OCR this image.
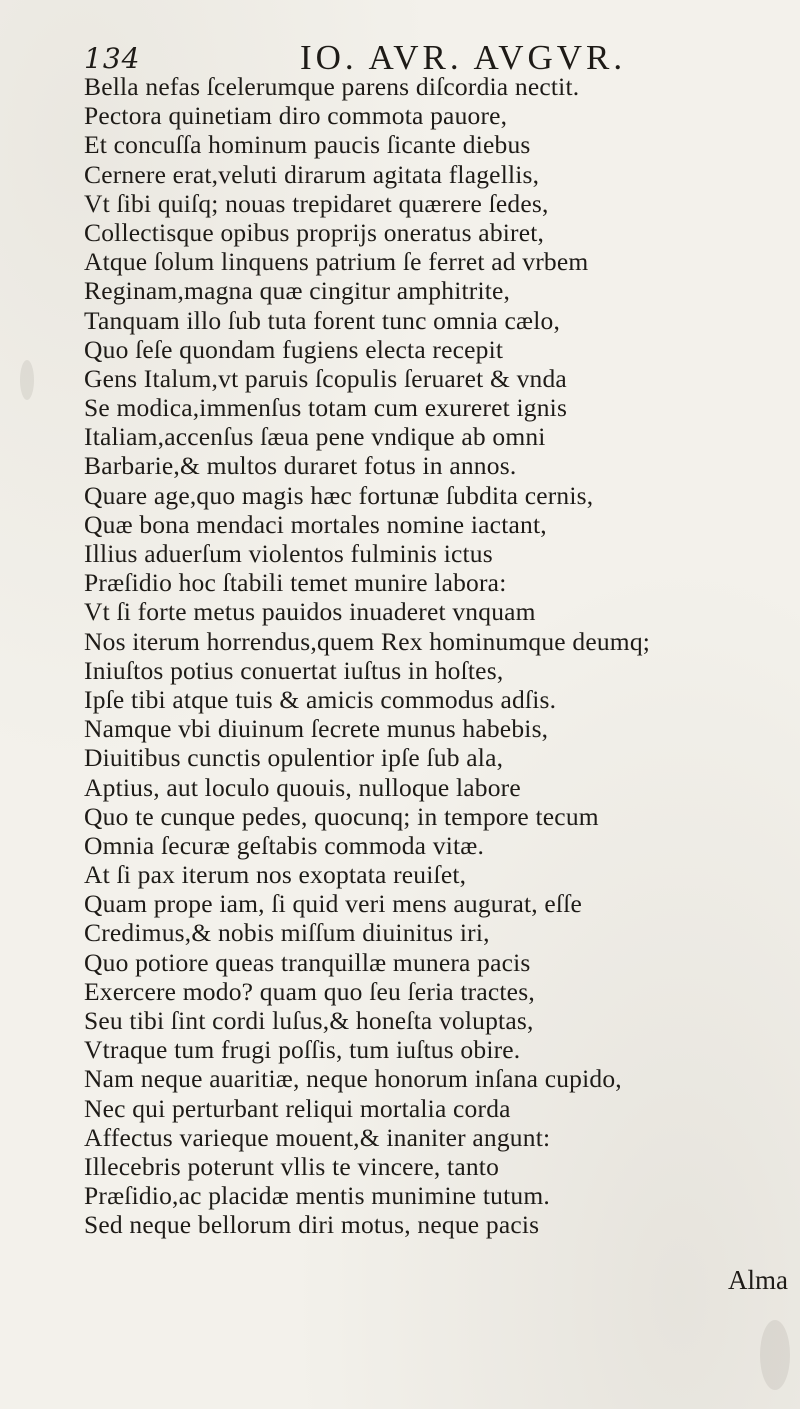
134	IO. AVR. AVGVR.
Bella nefas ſcelerumque parens diſcordia nectit.
Pectora quinetiam diro commota pauore,
Et concuſſa hominum paucis ſicante diebus
Cernere erat,veluti dirarum agitata flagellis,
Vt ſibi quiſq; nouas trepidaret quærere ſedes,
Collectisque opibus proprijs oneratus abiret,
Atque ſolum linquens patrium ſe ferret ad vrbem
Reginam,magna quæ cingitur amphitrite,
Tanquam illo ſub tuta forent tunc omnia cælo,
Quo ſeſe quondam fugiens electa recepit
Gens Italum,vt paruis ſcopulis ſeruaret & vnda
Se modica,immenſus totam cum exureret ignis
Italiam,accenſus ſæua pene vndique ab omni
Barbarie,& multos duraret fotus in annos.
Quare age,quo magis hæc fortunæ ſubdita cernis,
Quæ bona mendaci mortales nomine iactant,
Illius aduerſum violentos fulminis ictus
Præſidio hoc ſtabili temet munire labora:
Vt ſi forte metus pauidos inuaderet vnquam
Nos iterum horrendus,quem Rex hominumque deumq;
Iniuſtos potius conuertat iuſtus in hoſtes,
Ipſe tibi atque tuis & amicis commodus adſis.
Namque vbi diuinum ſecrete munus habebis,
Diuitibus cunctis opulentior ipſe ſub ala,
Aptius, aut loculo quouis, nulloque labore
Quo te cunque pedes, quocunq; in tempore tecum
Omnia ſecuræ geſtabis commoda vitæ.
At ſi pax iterum nos exoptata reuiſet,
Quam prope iam, ſi quid veri mens augurat, eſſe
Credimus,& nobis miſſum diuinitus iri,
Quo potiore queas tranquillæ munera pacis
Exercere modo? quam quo ſeu ſeria tractes,
Seu tibi ſint cordi luſus,& honeſta voluptas,
Vtraque tum frugi poſſis, tum iuſtus obire.
Nam neque auaritiæ, neque honorum inſana cupido,
Nec qui perturbant reliqui mortalia corda
Affectus varieque mouent,& inaniter angunt:
Illecebris poterunt vllis te vincere, tanto
Præſidio,ac placidæ mentis munimine tutum.
Sed neque bellorum diri motus, neque pacis
Alma
